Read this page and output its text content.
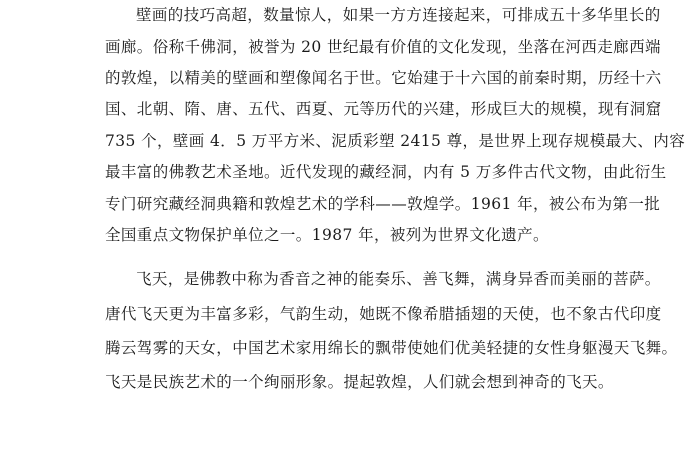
壁画的技巧高超，数量惊人，如果一方方连接起来，可排成五十多华里长的

画廊。俗称千佛洞，被誉为 20 世纪最有价值的文化发现，坐落在河西走廊西端

的敦煌，以精美的壁画和塑像闻名于世。它始建于十六国的前秦时期，历经十六

国、北朝、隋、唐、五代、西夏、元等历代的兴建，形成巨大的规模，现有洞窟

735 个，壁画 4．5 万平方米、泥质彩塑 2415 尊，是世界上现存规模最大、内容

最丰富的佛教艺术圣地。近代发现的藏经洞，内有 5 万多件古代文物，由此衍生

专门研究藏经洞典籍和敦煌艺术的学科——敦煌学。1961 年，被公布为第一批

全国重点文物保护单位之一。1987 年，被列为世界文化遗产。

飞天，是佛教中称为香音之神的能奏乐、善飞舞，满身异香而美丽的菩萨。

唐代飞天更为丰富多彩，气韵生动，她既不像希腊插翅的天使，也不象古代印度

腾云驾雾的天女，中国艺术家用绵长的飘带使她们优美轻捷的女性身躯漫天飞舞。

飞天是民族艺术的一个绚丽形象。提起敦煌，人们就会想到神奇的飞天。
